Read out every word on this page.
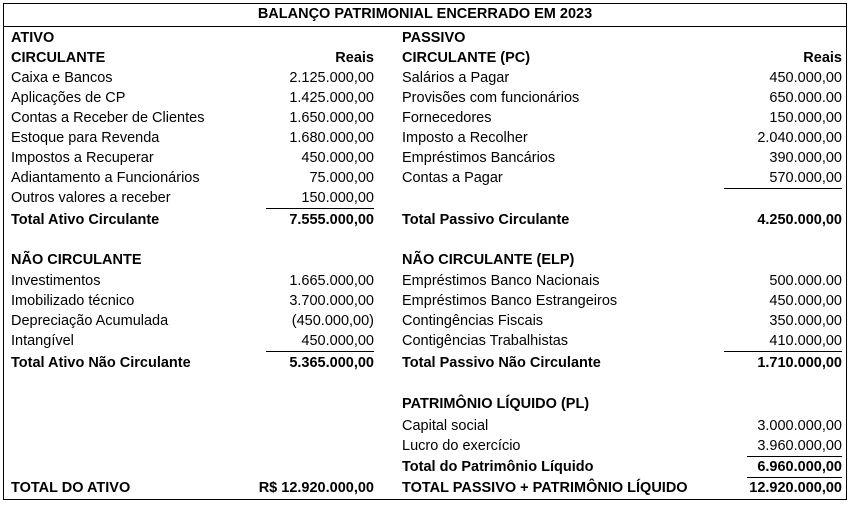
BALANÇO PATRIMONIAL ENCERRADO EM 2023
ATIVO
CIRCULANTE	Reais
Caixa e Bancos	2.125.000,00
Aplicações de CP	1.425.000,00
Contas a Receber de Clientes	1.650.000,00
Estoque para Revenda	1.680.000,00
Impostos a Recuperar	450.000,00
Adiantamento a Funcionários	75.000,00
Outros valores a receber	150.000,00
Total Ativo Circulante	7.555.000,00
NÃO CIRCULANTE
Investimentos	1.665.000,00
Imobilizado técnico	3.700.000,00
Depreciação Acumulada	(450.000,00)
Intangível	450.000,00
Total Ativo Não Circulante	5.365.000,00
TOTAL DO ATIVO	R$ 12.920.000,00
PASSIVO
CIRCULANTE (PC)	Reais
Salários a Pagar	450.000,00
Provisões com funcionários	650.000.00
Fornecedores	150.000,00
Imposto a Recolher	2.040.000,00
Empréstimos Bancários	390.000,00
Contas a Pagar	570.000,00
Total Passivo Circulante	4.250.000,00
NÃO CIRCULANTE (ELP)
Empréstimos Banco Nacionais	500.000.00
Empréstimos Banco Estrangeiros	450.000,00
Contingências Fiscais	350.000,00
Contigências Trabalhistas	410.000,00
Total Passivo Não Circulante	1.710.000,00
PATRIMÔNIO LÍQUIDO (PL)
Capital social	3.000.000,00
Lucro do exercício	3.960.000,00
Total do Patrimônio Líquido	6.960.000,00
TOTAL PASSIVO + PATRIMÔNIO LÍQUIDO	12.920.000,00
